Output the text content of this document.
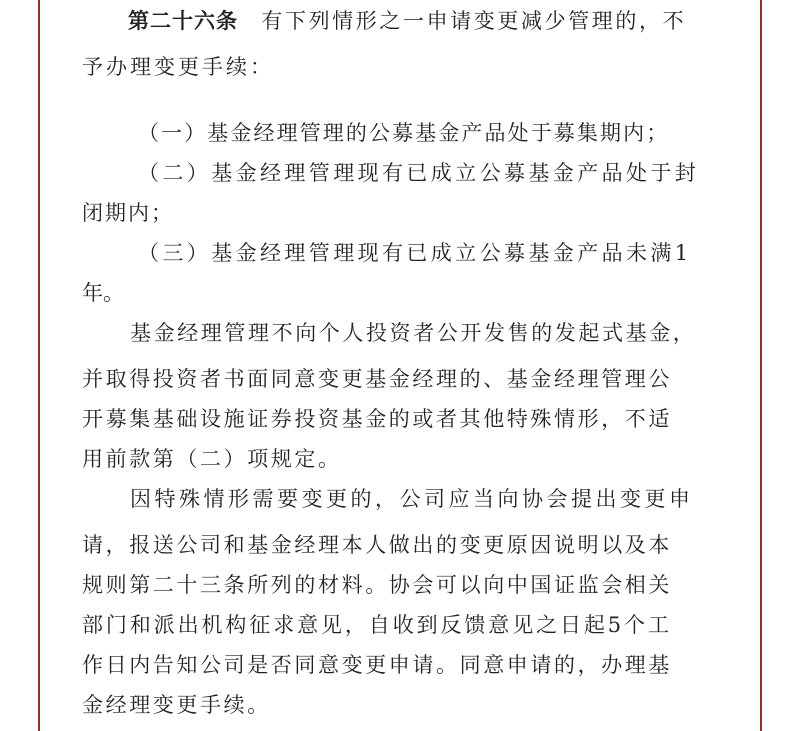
第二十六条 有下列情形之一申请变更减少管理的，不
予办理变更手续：
（一）基金经理管理的公募基金产品处于募集期内；
（二）基金经理管理现有已成立公募基金产品处于封
闭期内；
（三）基金经理管理现有已成立公募基金产品未满1
年。
基金经理管理不向个人投资者公开发售的发起式基金，
并取得投资者书面同意变更基金经理的、基金经理管理公
开募集基础设施证券投资基金的或者其他特殊情形，不适
用前款第（二）项规定。
因特殊情形需要变更的，公司应当向协会提出变更申
请，报送公司和基金经理本人做出的变更原因说明以及本
规则第二十三条所列的材料。协会可以向中国证监会相关
部门和派出机构征求意见，自收到反馈意见之日起5个工
作日内告知公司是否同意变更申请。同意申请的，办理基
金经理变更手续。
